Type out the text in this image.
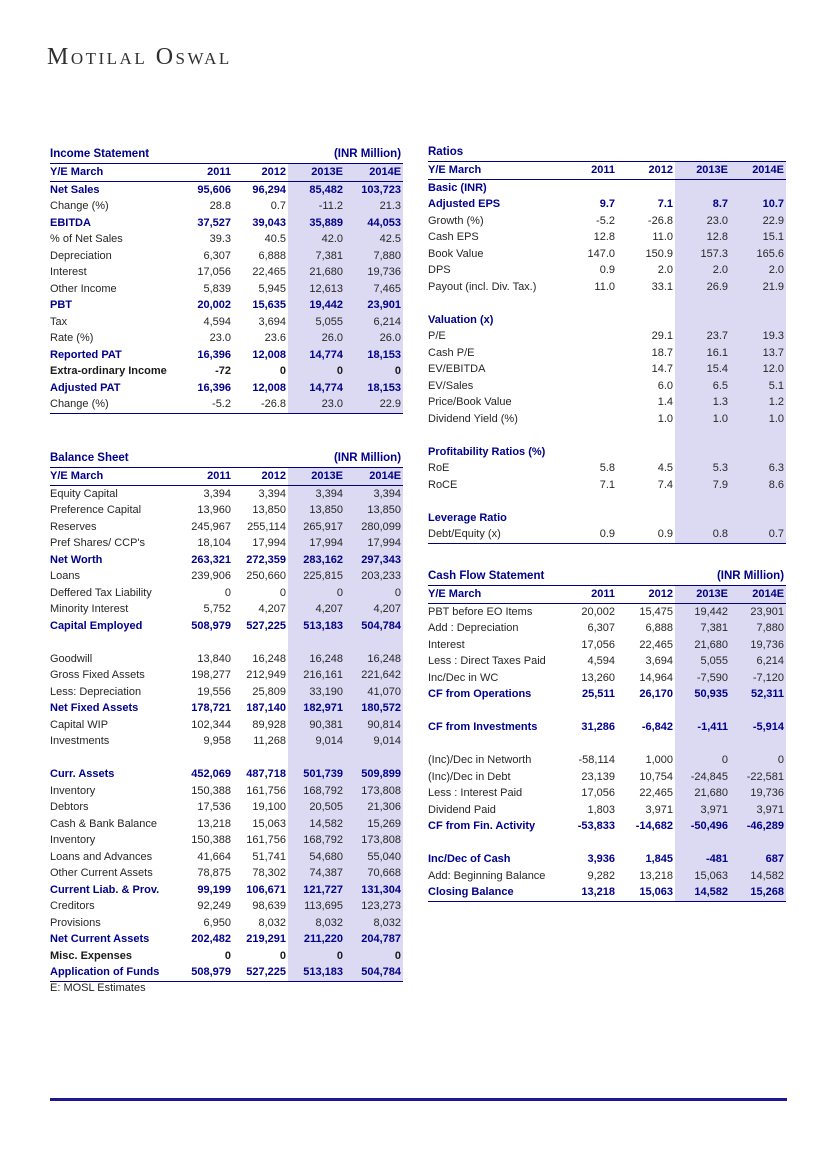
Motilal Oswal
Income Statement			(INR Million)	
Y/E March	2011	2012	2013E	2014E
Net Sales	95,606	96,294	85,482	103,723
Change (%)	28.8	0.7	-11.2	21.3
EBITDA	37,527	39,043	35,889	44,053
% of Net Sales	39.3	40.5	42.0	42.5
Depreciation	6,307	6,888	7,381	7,880
Interest	17,056	22,465	21,680	19,736
Other Income	5,839	5,945	12,613	7,465
PBT	20,002	15,635	19,442	23,901
Tax	4,594	3,694	5,055	6,214
Rate (%)	23.0	23.6	26.0	26.0
Reported PAT	16,396	12,008	14,774	18,153
Extra-ordinary Income	-72	0	0	0
Adjusted PAT	16,396	12,008	14,774	18,153
Change (%)	-5.2	-26.8	23.0	22.9
Balance Sheet			(INR Million)	
Y/E March	2011	2012	2013E	2014E
Equity Capital	3,394	3,394	3,394	3,394
Preference Capital	13,960	13,850	13,850	13,850
Reserves	245,967	255,114	265,917	280,099
Pref Shares/ CCP's	18,104	17,994	17,994	17,994
Net Worth	263,321	272,359	283,162	297,343
Loans	239,906	250,660	225,815	203,233
Deffered Tax Liability	0	0	0	0
Minority Interest	5,752	4,207	4,207	4,207
Capital Employed	508,979	527,225	513,183	504,784

Goodwill	13,840	16,248	16,248	16,248
Gross Fixed Assets	198,277	212,949	216,161	221,642
Less: Depreciation	19,556	25,809	33,190	41,070
Net Fixed Assets	178,721	187,140	182,971	180,572
Capital WIP	102,344	89,928	90,381	90,814
Investments	9,958	11,268	9,014	9,014

Curr. Assets	452,069	487,718	501,739	509,899
Inventory	150,388	161,756	168,792	173,808
Debtors	17,536	19,100	20,505	21,306
Cash & Bank Balance	13,218	15,063	14,582	15,269
Inventory	150,388	161,756	168,792	173,808
Loans and Advances	41,664	51,741	54,680	55,040
Other Current Assets	78,875	78,302	74,387	70,668
Current Liab. & Prov.	99,199	106,671	121,727	131,304
Creditors	92,249	98,639	113,695	123,273
Provisions	6,950	8,032	8,032	8,032
Net Current Assets	202,482	219,291	211,220	204,787
Misc. Expenses	0	0	0	0
Application of Funds	508,979	527,225	513,183	504,784
Ratios				
Y/E March	2011	2012	2013E	2014E
Basic (INR)				
Adjusted EPS	9.7	7.1	8.7	10.7
Growth (%)	-5.2	-26.8	23.0	22.9
Cash EPS	12.8	11.0	12.8	15.1
Book Value	147.0	150.9	157.3	165.6
DPS	0.9	2.0	2.0	2.0
Payout (incl. Div. Tax.)	11.0	33.1	26.9	21.9

Valuation (x)				
P/E		29.1	23.7	19.3
Cash P/E		18.7	16.1	13.7
EV/EBITDA		14.7	15.4	12.0
EV/Sales		6.0	6.5	5.1
Price/Book Value		1.4	1.3	1.2
Dividend Yield (%)		1.0	1.0	1.0

Profitability Ratios (%)				
RoE	5.8	4.5	5.3	6.3
RoCE	7.1	7.4	7.9	8.6

Leverage Ratio				
Debt/Equity (x)	0.9	0.9	0.8	0.7
Cash Flow Statement			(INR Million)	
Y/E March	2011	2012	2013E	2014E
PBT before EO Items	20,002	15,475	19,442	23,901
Add : Depreciation	6,307	6,888	7,381	7,880
Interest	17,056	22,465	21,680	19,736
Less : Direct Taxes Paid	4,594	3,694	5,055	6,214
Inc/Dec in WC	13,260	14,964	-7,590	-7,120
CF from Operations	25,511	26,170	50,935	52,311

CF from Investments	31,286	-6,842	-1,411	-5,914

(Inc)/Dec in Networth	-58,114	1,000	0	0
(Inc)/Dec in Debt	23,139	10,754	-24,845	-22,581
Less : Interest Paid	17,056	22,465	21,680	19,736
Dividend Paid	1,803	3,971	3,971	3,971
CF from Fin. Activity	-53,833	-14,682	-50,496	-46,289

Inc/Dec of Cash	3,936	1,845	-481	687
Add: Beginning Balance	9,282	13,218	15,063	14,582
Closing Balance	13,218	15,063	14,582	15,268
E: MOSL Estimates
